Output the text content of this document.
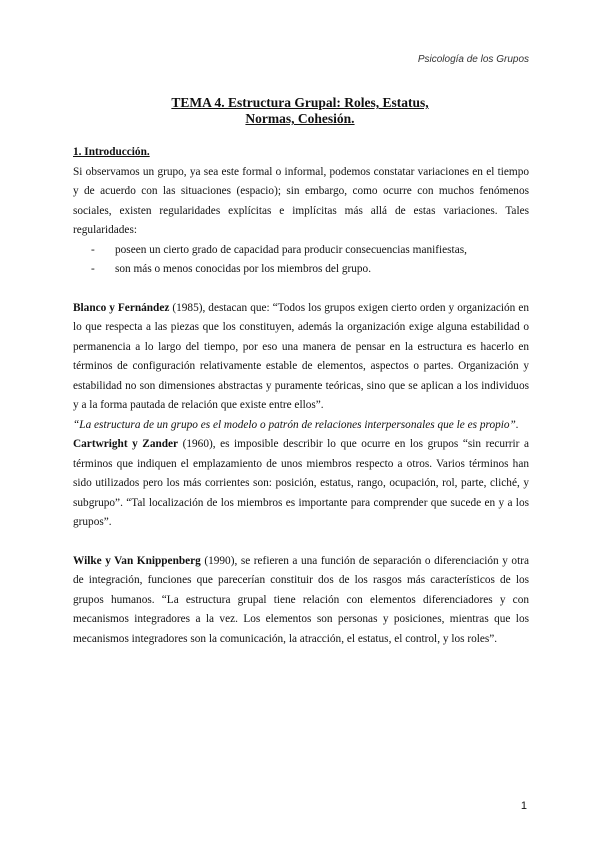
Psicología de los Grupos
TEMA 4. Estructura Grupal: Roles, Estatus,
Normas, Cohesión.
1. Introducción.

Si observamos un grupo, ya sea este formal o informal, podemos constatar variaciones en el tiempo y de acuerdo con las situaciones (espacio); sin embargo, como ocurre con muchos fenómenos sociales, existen regularidades explícitas e implícitas más allá de estas variaciones. Tales regularidades:

- poseen un cierto grado de capacidad para producir consecuencias manifiestas,
- son más o menos conocidas por los miembros del grupo.

Blanco y Fernández (1985), destacan que: “Todos los grupos exigen cierto orden y organización en lo que respecta a las piezas que los constituyen, además la organización exige alguna estabilidad o permanencia a lo largo del tiempo, por eso una manera de pensar en la estructura es hacerlo en términos de configuración relativamente estable de elementos, aspectos o partes. Organización y estabilidad no son dimensiones abstractas y puramente teóricas, sino que se aplican a los individuos y a la forma pautada de relación que existe entre ellos”.

“La estructura de un grupo es el modelo o patrón de relaciones interpersonales que le es propio”.

Cartwright y Zander (1960), es imposible describir lo que ocurre en los grupos “sin recurrir a términos que indiquen el emplazamiento de unos miembros respecto a otros. Varios términos han sido utilizados pero los más corrientes son: posición, estatus, rango, ocupación, rol, parte, cliché, y subgrupo”. “Tal localización de los miembros es importante para comprender que sucede en y a los grupos”.

Wilke y Van Knippenberg (1990), se refieren a una función de separación o diferenciación y otra de integración, funciones que parecerían constituir dos de los rasgos más característicos de los grupos humanos. “La estructura grupal tiene relación con elementos diferenciadores y con mecanismos integradores a la vez. Los elementos son personas y posiciones, mientras que los mecanismos integradores son la comunicación, la atracción, el estatus, el control, y los roles”.

1
